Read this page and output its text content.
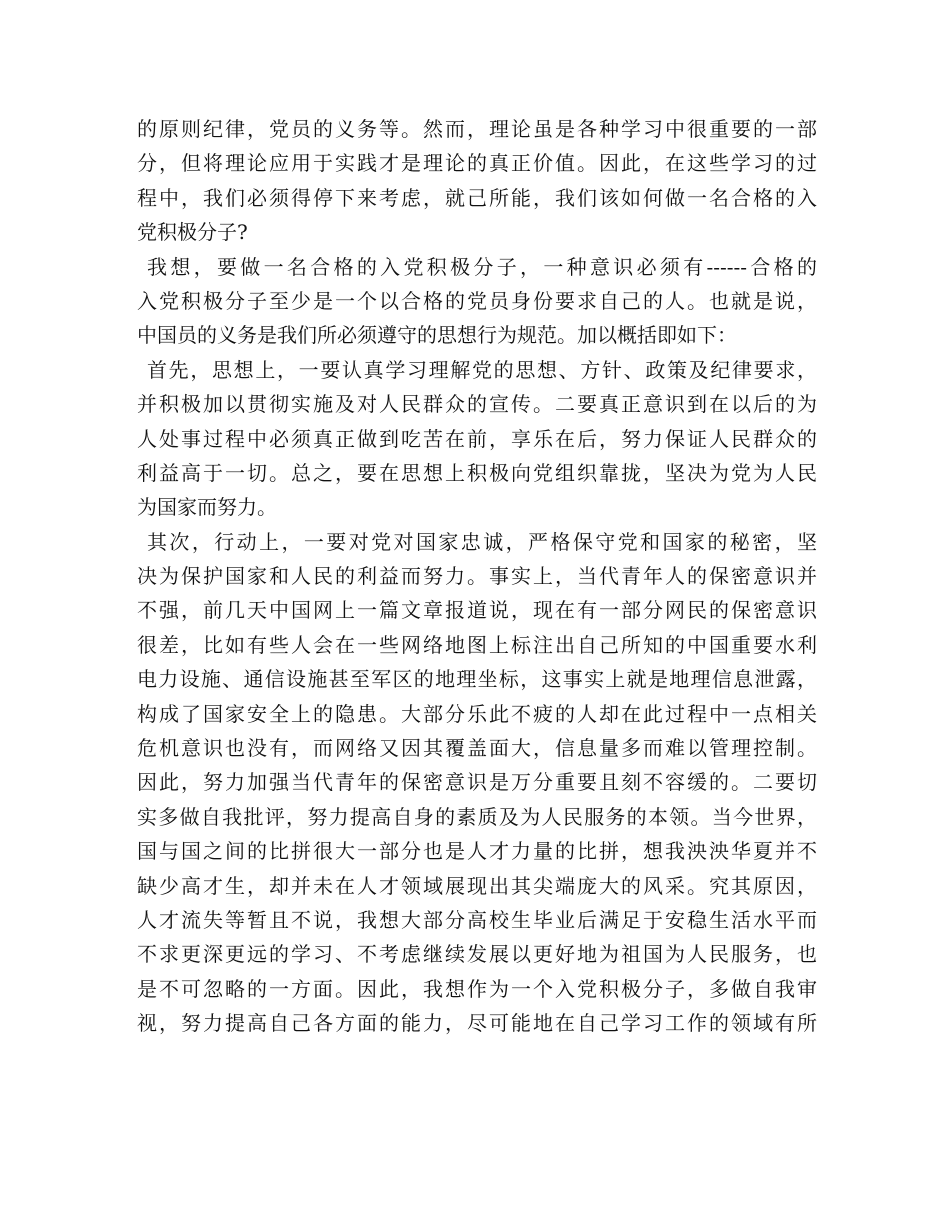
的原则纪律，党员的义务等。然而，理论虽是各种学习中很重要的一部
分，但将理论应用于实践才是理论的真正价值。因此，在这些学习的过
程中，我们必须得停下来考虑，就己所能，我们该如何做一名合格的入
党积极分子?
我想，要做一名合格的入党积极分子，一种意识必须有------合格的
入党积极分子至少是一个以合格的党员身份要求自己的人。也就是说，
中国员的义务是我们所必须遵守的思想行为规范。加以概括即如下：
首先，思想上，一要认真学习理解党的思想、方针、政策及纪律要求，
并积极加以贯彻实施及对人民群众的宣传。二要真正意识到在以后的为
人处事过程中必须真正做到吃苦在前，享乐在后，努力保证人民群众的
利益高于一切。总之，要在思想上积极向党组织靠拢，坚决为党为人民
为国家而努力。
其次，行动上，一要对党对国家忠诚，严格保守党和国家的秘密，坚
决为保护国家和人民的利益而努力。事实上，当代青年人的保密意识并
不强，前几天中国网上一篇文章报道说，现在有一部分网民的保密意识
很差，比如有些人会在一些网络地图上标注出自己所知的中国重要水利
电力设施、通信设施甚至军区的地理坐标，这事实上就是地理信息泄露，
构成了国家安全上的隐患。大部分乐此不疲的人却在此过程中一点相关
危机意识也没有，而网络又因其覆盖面大，信息量多而难以管理控制。
因此，努力加强当代青年的保密意识是万分重要且刻不容缓的。二要切
实多做自我批评，努力提高自身的素质及为人民服务的本领。当今世界，
国与国之间的比拼很大一部分也是人才力量的比拼，想我泱泱华夏并不
缺少高才生，却并未在人才领域展现出其尖端庞大的风采。究其原因，
人才流失等暂且不说，我想大部分高校生毕业后满足于安稳生活水平而
不求更深更远的学习、不考虑继续发展以更好地为祖国为人民服务，也
是不可忽略的一方面。因此，我想作为一个入党积极分子，多做自我审
视，努力提高自己各方面的能力，尽可能地在自己学习工作的领域有所
